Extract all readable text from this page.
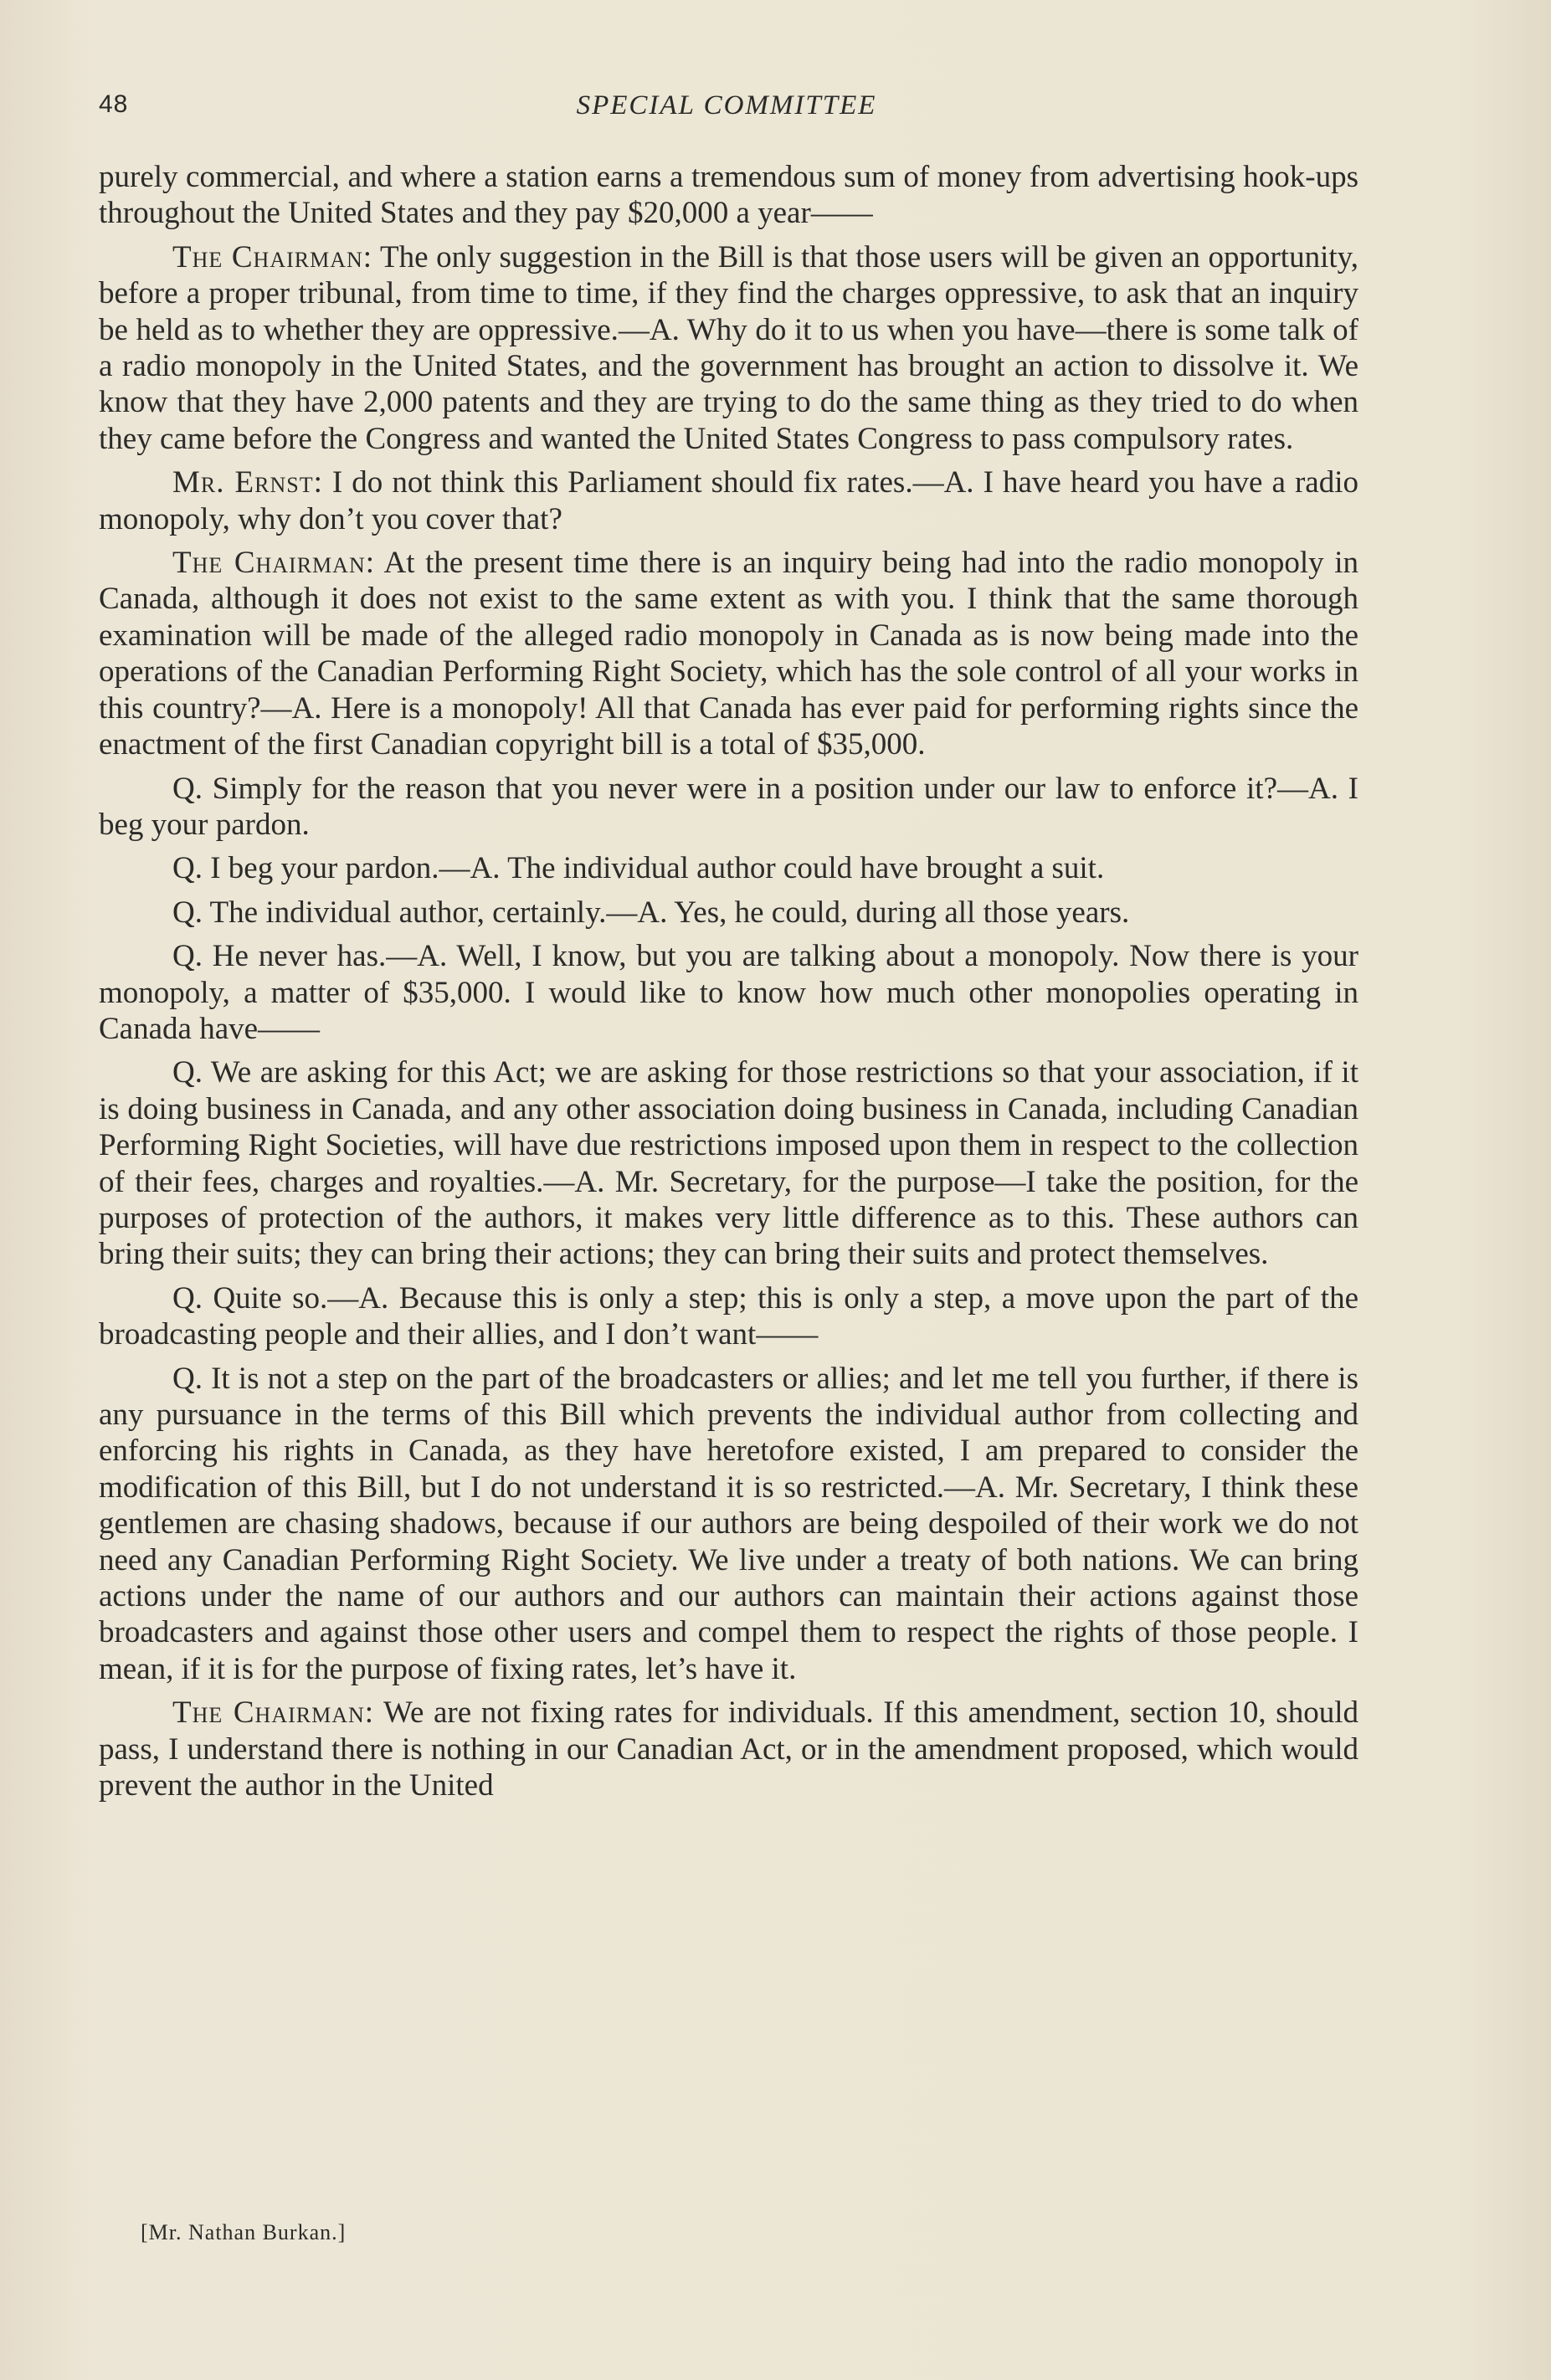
48	SPECIAL COMMITTEE

purely commercial, and where a station earns a tremendous sum of money from advertising hook-ups throughout the United States and they pay $20,000 a year——

The Chairman: The only suggestion in the Bill is that those users will be given an opportunity, before a proper tribunal, from time to time, if they find the charges oppressive, to ask that an inquiry be held as to whether they are oppressive.—A. Why do it to us when you have—there is some talk of a radio monopoly in the United States, and the government has brought an action to dissolve it. We know that they have 2,000 patents and they are trying to do the same thing as they tried to do when they came before the Congress and wanted the United States Congress to pass compulsory rates.

Mr. Ernst: I do not think this Parliament should fix rates.—A. I have heard you have a radio monopoly, why don’t you cover that?

The Chairman: At the present time there is an inquiry being had into the radio monopoly in Canada, although it does not exist to the same extent as with you. I think that the same thorough examination will be made of the alleged radio monopoly in Canada as is now being made into the operations of the Canadian Performing Right Society, which has the sole control of all your works in this country?—A. Here is a monopoly! All that Canada has ever paid for performing rights since the enactment of the first Canadian copyright bill is a total of $35,000.

Q. Simply for the reason that you never were in a position under our law to enforce it?—A. I beg your pardon.

Q. I beg your pardon.—A. The individual author could have brought a suit.

Q. The individual author, certainly.—A. Yes, he could, during all those years.

Q. He never has.—A. Well, I know, but you are talking about a monopoly. Now there is your monopoly, a matter of $35,000. I would like to know how much other monopolies operating in Canada have——

Q. We are asking for this Act; we are asking for those restrictions so that your association, if it is doing business in Canada, and any other association doing business in Canada, including Canadian Performing Right Societies, will have due restrictions imposed upon them in respect to the collection of their fees, charges and royalties.—A. Mr. Secretary, for the purpose—I take the position, for the purposes of protection of the authors, it makes very little difference as to this. These authors can bring their suits; they can bring their actions; they can bring their suits and protect themselves.

Q. Quite so.—A. Because this is only a step; this is only a step, a move upon the part of the broadcasting people and their allies, and I don’t want——

Q. It is not a step on the part of the broadcasters or allies; and let me tell you further, if there is any pursuance in the terms of this Bill which prevents the individual author from collecting and enforcing his rights in Canada, as they have heretofore existed, I am prepared to consider the modification of this Bill, but I do not understand it is so restricted.—A. Mr. Secretary, I think these gentlemen are chasing shadows, because if our authors are being despoiled of their work we do not need any Canadian Performing Right Society. We live under a treaty of both nations. We can bring actions under the name of our authors and our authors can maintain their actions against those broadcasters and against those other users and compel them to respect the rights of those people. I mean, if it is for the purpose of fixing rates, let’s have it.

The Chairman: We are not fixing rates for individuals. If this amendment, section 10, should pass, I understand there is nothing in our Canadian Act, or in the amendment proposed, which would prevent the author in the United

[Mr. Nathan Burkan.]
